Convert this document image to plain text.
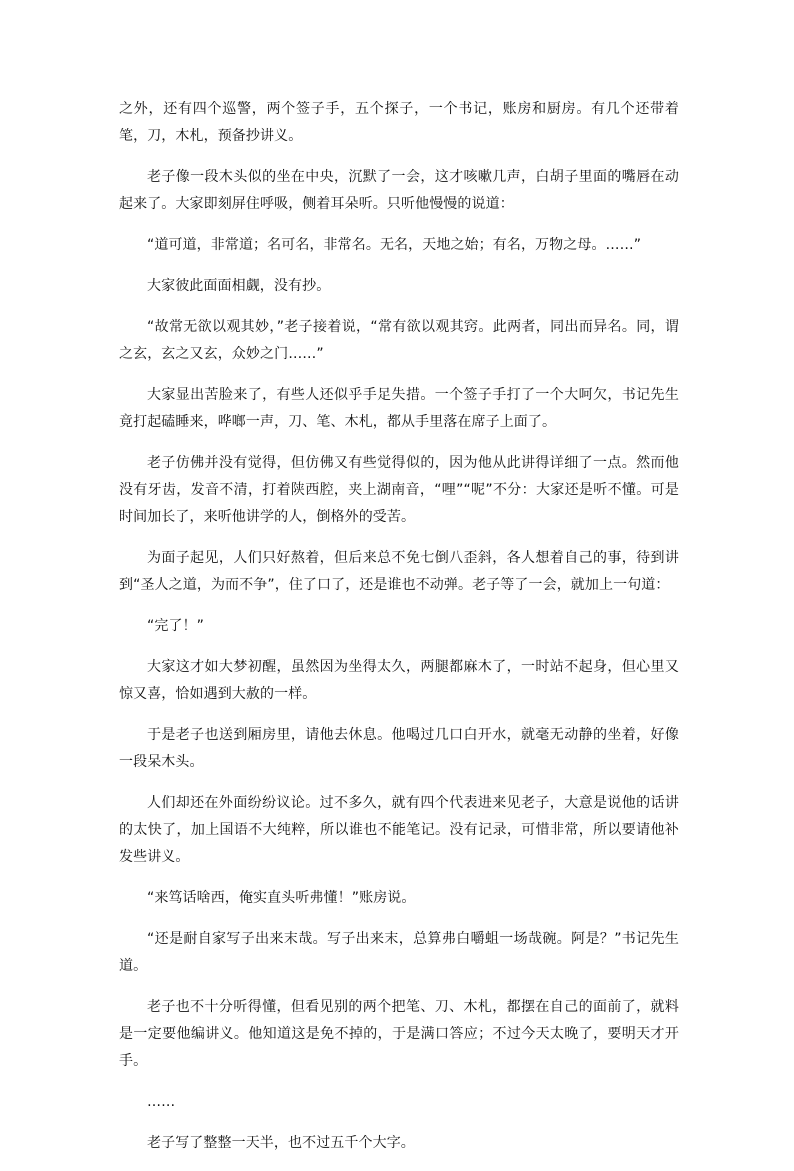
之外，还有四个巡警，两个签子手，五个探子，一个书记，账房和厨房。有几个还带着笔，刀，木札，预备抄讲义。

老子像一段木头似的坐在中央，沉默了一会，这才咳嗽几声，白胡子里面的嘴唇在动起来了。大家即刻屏住呼吸，侧着耳朵听。只听他慢慢的说道：

“道可道，非常道；名可名，非常名。无名，天地之始；有名，万物之母。……”

大家彼此面面相觑，没有抄。

“故常无欲以观其妙，”老子接着说，“常有欲以观其窍。此两者，同出而异名。同，谓之玄，玄之又玄，众妙之门……”

大家显出苦脸来了，有些人还似乎手足失措。一个签子手打了一个大呵欠，书记先生竟打起磕睡来，哗啷一声，刀、笔、木札，都从手里落在席子上面了。

老子仿佛并没有觉得，但仿佛又有些觉得似的，因为他从此讲得详细了一点。然而他没有牙齿，发音不清，打着陕西腔，夹上湖南音，“哩”“呢”不分：大家还是听不懂。可是时间加长了，来听他讲学的人，倒格外的受苦。

为面子起见，人们只好熬着，但后来总不免七倒八歪斜，各人想着自己的事，待到讲到“圣人之道，为而不争”，住了口了，还是谁也不动弹。老子等了一会，就加上一句道：

“完了！”

大家这才如大梦初醒，虽然因为坐得太久，两腿都麻木了，一时站不起身，但心里又惊又喜，恰如遇到大赦的一样。

于是老子也送到厢房里，请他去休息。他喝过几口白开水，就毫无动静的坐着，好像一段呆木头。

人们却还在外面纷纷议论。过不多久，就有四个代表进来见老子，大意是说他的话讲的太快了，加上国语不大纯粹，所以谁也不能笔记。没有记录，可惜非常，所以要请他补发些讲义。

“来笃话啥西，俺实直头听弗懂！”账房说。

“还是耐自家写子出来末哉。写子出来末，总算弗白嚼蛆一场哉碗。阿是？”书记先生道。

老子也不十分听得懂，但看见别的两个把笔、刀、木札，都摆在自己的面前了，就料是一定要他编讲义。他知道这是免不掉的，于是满口答应；不过今天太晚了，要明天才开手。

……

老子写了整整一天半，也不过五千个大字。
